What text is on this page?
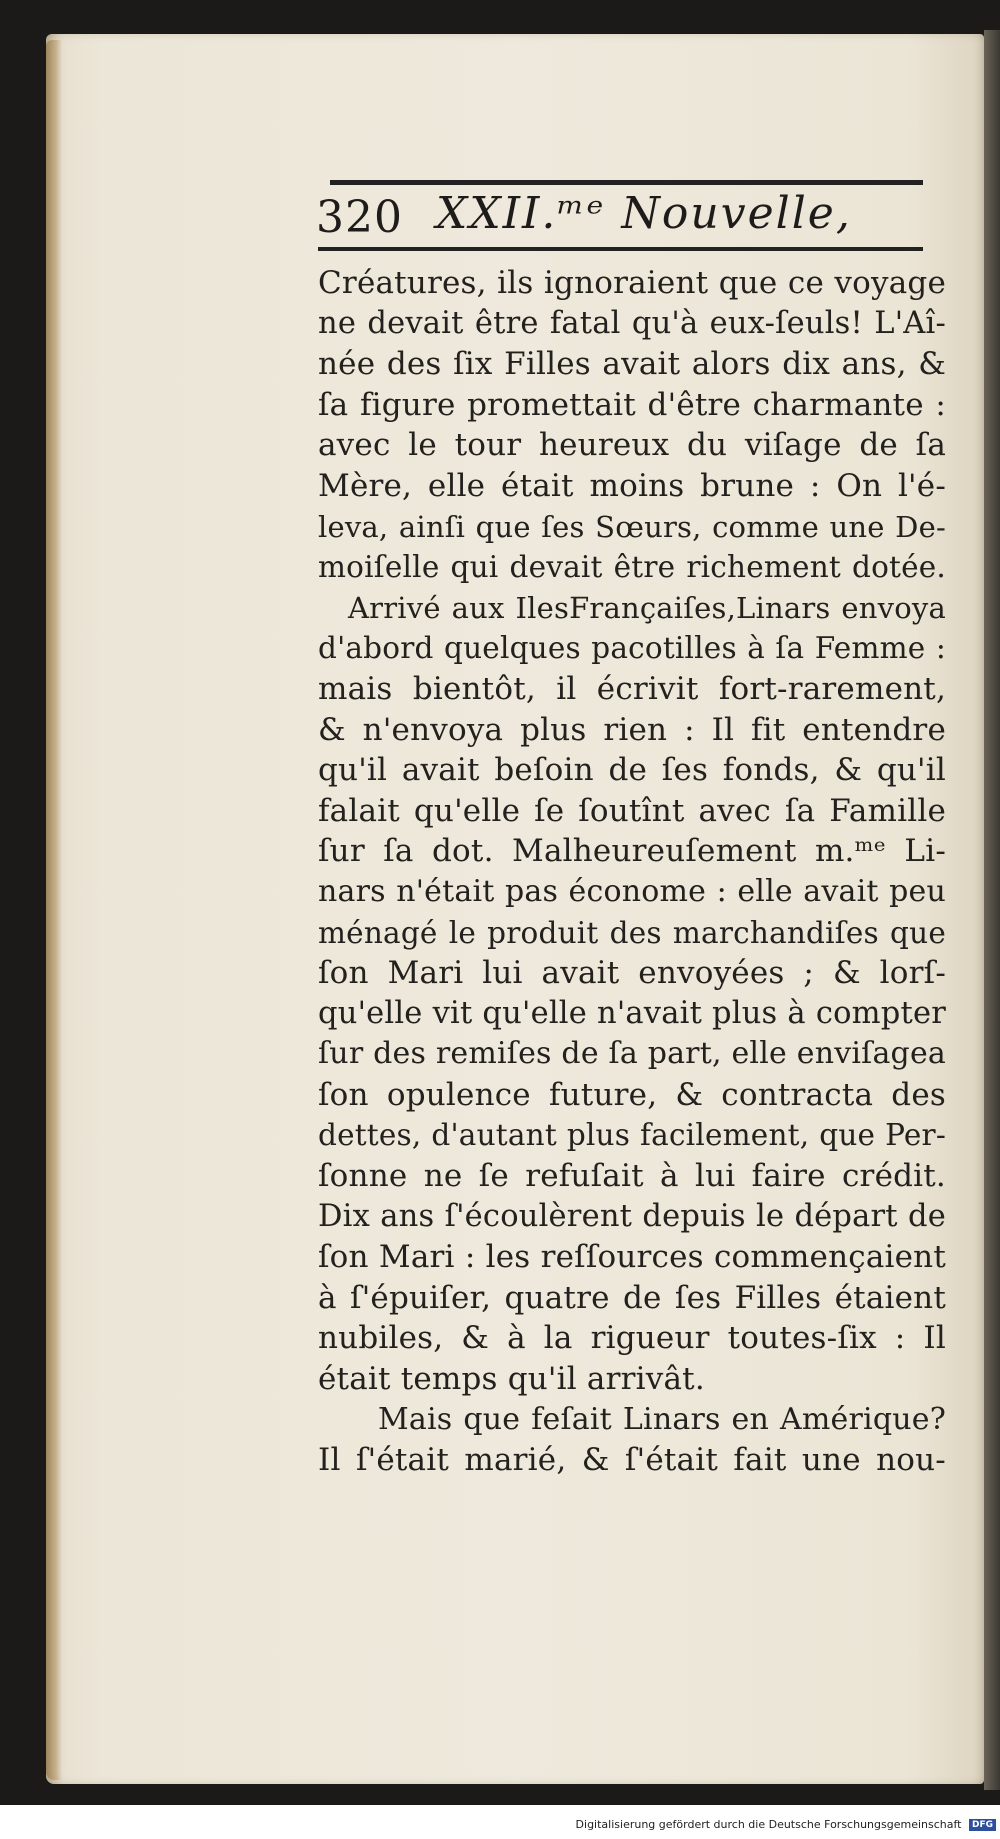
320 XXII.ᵐᵉ Nouvelle,
Créatures, ils ignoraient que ce voyage
ne devait être fatal qu'à eux-ſeuls! L'Aî-
née des ſix Filles avait alors dix ans, &
ſa figure promettait d'être charmante :
avec le tour heureux du viſage de ſa
Mère, elle était moins brune : On l'é-
leva, ainſi que ſes Sœurs, comme une De-
moiſelle qui devait être richement dotée.
Arrivé aux IlesFrançaiſes,Linars envoya
d'abord quelques pacotilles à ſa Femme :
mais bientôt, il écrivit fort-rarement,
& n'envoya plus rien : Il fit entendre
qu'il avait beſoin de ſes fonds, & qu'il
falait qu'elle ſe ſoutînt avec ſa Famille
ſur ſa dot. Malheureuſement m.ᵐᵉ Li-
nars n'était pas économe : elle avait peu
ménagé le produit des marchandiſes que
ſon Mari lui avait envoyées ; & lorſ-
qu'elle vit qu'elle n'avait plus à compter
ſur des remiſes de ſa part, elle enviſagea
ſon opulence future, & contracta des
dettes, d'autant plus facilement, que Per-
ſonne ne ſe refuſait à lui faire crédit.
Dix ans ſ'écoulèrent depuis le départ de
ſon Mari : les reſſources commençaient
à ſ'épuiſer, quatre de ſes Filles étaient
nubiles, & à la rigueur toutes-ſix : Il
était temps qu'il arrivât.
Mais que feſait Linars en Amérique?
Il ſ'était marié, & ſ'était fait une nou-
Digitalisierung gefördert durch die Deutsche Forschungsgemeinschaft DFG
